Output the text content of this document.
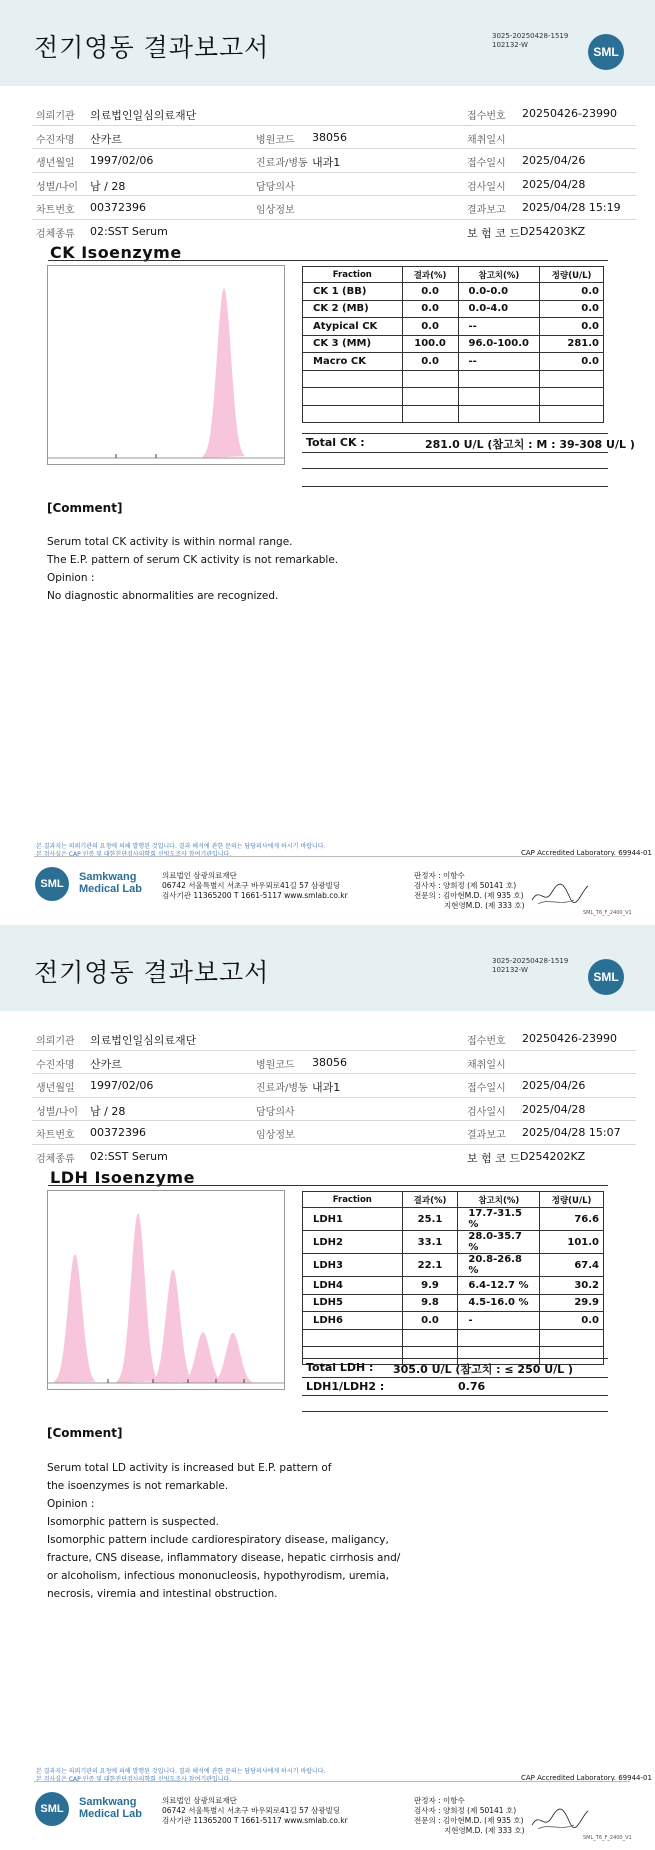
전기영동 결과보고서	3025-20250428-1519
102132-W	SML
의뢰기관 의료법인일심의료재단	접수번호 20250426-23990
수진자명 산카르	병원코드 38056	채취일시
생년월일 1997/02/06	진료과/병동 내과1	접수일시 2025/04/26
성별/나이 남 / 28	담당의사	검사일시 2025/04/28
차트번호 00372396	임상정보	결과보고 2025/04/28 15:19
검체종류 02:SST Serum	보 험 코 드 D254203KZ
CK Isoenzyme
Fraction	결과(%)	참고치(%)	정량(U/L)
CK 1 (BB)	0.0	0.0-0.0	0.0
CK 2 (MB)	0.0	0.0-4.0	0.0
Atypical CK	0.0	--	0.0
CK 3 (MM)	100.0	96.0-100.0	281.0
Macro CK	0.0	--	0.0

Total CK :	281.0 U/L (참고치 : M : 39-308 U/L )
[Comment]

Serum total CK activity is within normal range.

The E.P. pattern of serum CK activity is not remarkable.

Opinion :

No diagnostic abnormalities are recognized.

본 결과지는 의뢰기관의 요청에 의해 발행된 것입니다. 결과 해석에 관한 문의는 담당의사에게 하시기 바랍니다.
본 검사실은 CAP 인증 및 대한진단검사의학회 신빙도조사 참여기관입니다.	CAP Accredited Laboratory. 69944-01
SML
Samkwang
Medical Lab
의료법인 삼광의료재단
06742 서울특별시 서초구 바우뫼로41길 57 삼광빌딩
검사기관 11365200 T 1661-5117 www.smlab.co.kr
판정자 : 이항수
검사자 : 양희정 (제 50141 호)
전문의 : 김아현M.D. (제 935 호)
지현영M.D. (제 333 호)
SML_T6_F_2400_V1
전기영동 결과보고서	3025-20250428-1519
102132-W	SML
의뢰기관 의료법인일심의료재단	접수번호 20250426-23990
수진자명 산카르	병원코드 38056	채취일시
생년월일 1997/02/06	진료과/병동 내과1	접수일시 2025/04/26
성별/나이 남 / 28	담당의사	검사일시 2025/04/28
차트번호 00372396	임상정보	결과보고 2025/04/28 15:07
검체종류 02:SST Serum	보 험 코 드 D254202KZ
LDH Isoenzyme
Fraction	결과(%)	참고치(%)	정량(U/L)
LDH1	25.1	17.7-31.5 %	76.6
LDH2	33.1	28.0-35.7 %	101.0
LDH3	22.1	20.8-26.8 %	67.4
LDH4	9.9	6.4-12.7 %	30.2
LDH5	9.8	4.5-16.0 %	29.9
LDH6	0.0	-	0.0

Total LDH : 305.0 U/L (참고치 : ≤ 250 U/L )
LDH1/LDH2 :	0.76
[Comment]

Serum total LD activity is increased but E.P. pattern of

the isoenzymes is not remarkable.

Opinion :

Isomorphic pattern is suspected.

Isomorphic pattern include cardiorespiratory disease, maligancy,

fracture, CNS disease, inflammatory disease, hepatic cirrhosis and/

or alcoholism, infectious mononucleosis, hypothyrodism, uremia,

necrosis, viremia and intestinal obstruction.

본 결과지는 의뢰기관의 요청에 의해 발행된 것입니다. 결과 해석에 관한 문의는 담당의사에게 하시기 바랍니다.
본 검사실은 CAP 인증 및 대한진단검사의학회 신빙도조사 참여기관입니다.	CAP Accredited Laboratory. 69944-01
SML
Samkwang
Medical Lab
의료법인 삼광의료재단
06742 서울특별시 서초구 바우뫼로41길 57 삼광빌딩
검사기관 11365200 T 1661-5117 www.smlab.co.kr
판정자 : 이항수
검사자 : 양희정 (제 50141 호)
전문의 : 김아현M.D. (제 935 호)
지현영M.D. (제 333 호)
SML_T6_F_2400_V1
